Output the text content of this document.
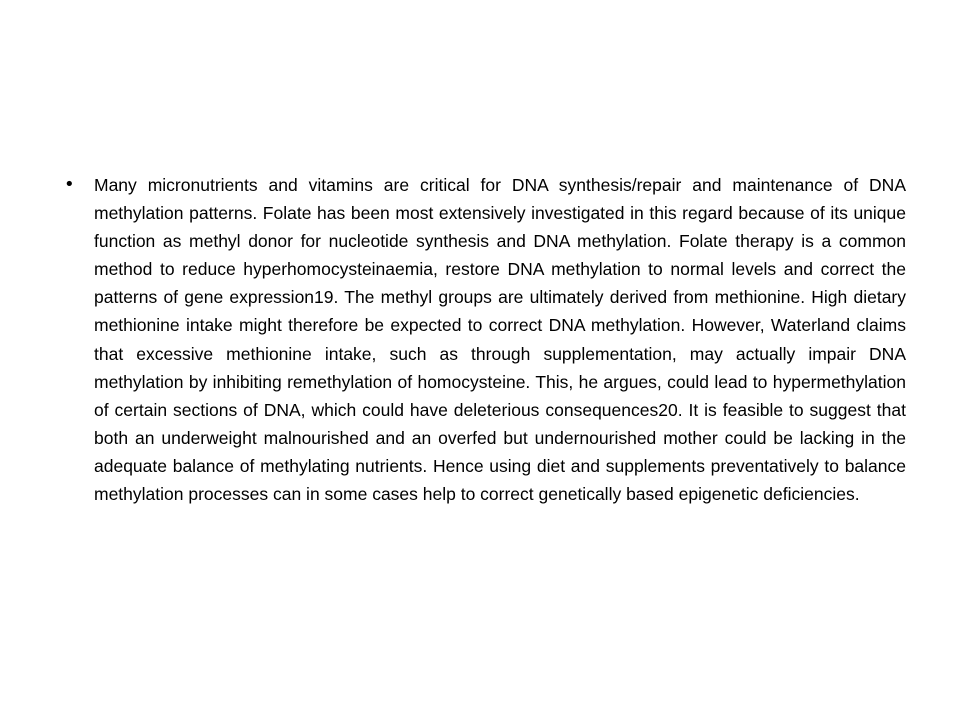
• Many micronutrients and vitamins are critical for DNA synthesis/repair and maintenance of DNA methylation patterns. Folate has been most extensively investigated in this regard because of its unique function as methyl donor for nucleotide synthesis and DNA methylation. Folate therapy is a common method to reduce hyperhomocysteinaemia, restore DNA methylation to normal levels and correct the patterns of gene expression19. The methyl groups are ultimately derived from methionine. High dietary methionine intake might therefore be expected to correct DNA methylation. However, Waterland claims that excessive methionine intake, such as through supplementation, may actually impair DNA methylation by inhibiting remethylation of homocysteine. This, he argues, could lead to hypermethylation of certain sections of DNA, which could have deleterious consequences20. It is feasible to suggest that both an underweight malnourished and an overfed but undernourished mother could be lacking in the adequate balance of methylating nutrients. Hence using diet and supplements preventatively to balance methylation processes can in some cases help to correct genetically based epigenetic deficiencies.
